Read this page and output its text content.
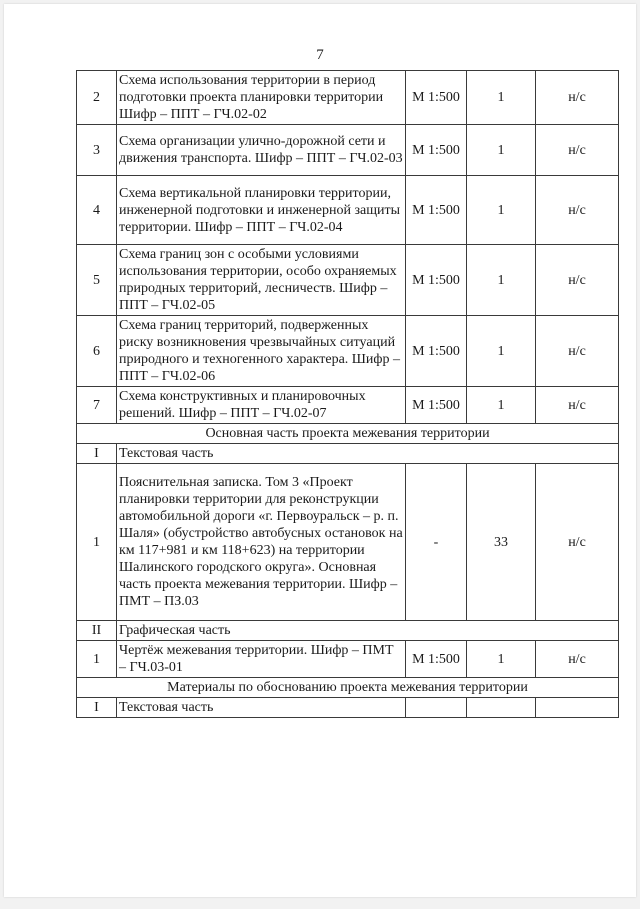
7
2	Схема использования территории в период подготовки проекта планировки территории Шифр – ППТ – ГЧ.02-02	М 1:500	1	н/с
3	Схема организации улично-дорожной сети и движения транспорта. Шифр – ППТ – ГЧ.02-03	М 1:500	1	н/с
4	Схема вертикальной планировки территории, инженерной подготовки и инженерной защиты территории. Шифр – ППТ – ГЧ.02-04	М 1:500	1	н/с
5	Схема границ зон с особыми условиями использования территории, особо охраняемых природных территорий, лесничеств. Шифр – ППТ – ГЧ.02-05	М 1:500	1	н/с
6	Схема границ территорий, подверженных риску возникновения чрезвычайных ситуаций природного и техногенного характера. Шифр – ППТ – ГЧ.02-06	М 1:500	1	н/с
7	Схема конструктивных и планировочных решений. Шифр – ППТ – ГЧ.02-07	М 1:500	1	н/с
Основная часть проекта межевания территории				
I	Текстовая часть			
1	Пояснительная записка. Том 3 «Проект планировки территории для реконструкции автомобильной дороги «г. Первоуральск – р. п. Шаля» (обустройство автобусных остановок на км 117+981 и км 118+623) на территории Шалинского городского округа». Основная часть проекта межевания территории. Шифр – ПМТ – ПЗ.03	-	33	н/с
II	Графическая часть			
1	Чертёж межевания территории. Шифр – ПМТ – ГЧ.03-01	М 1:500	1	н/с
Материалы по обоснованию проекта межевания территории				
I	Текстовая часть			
